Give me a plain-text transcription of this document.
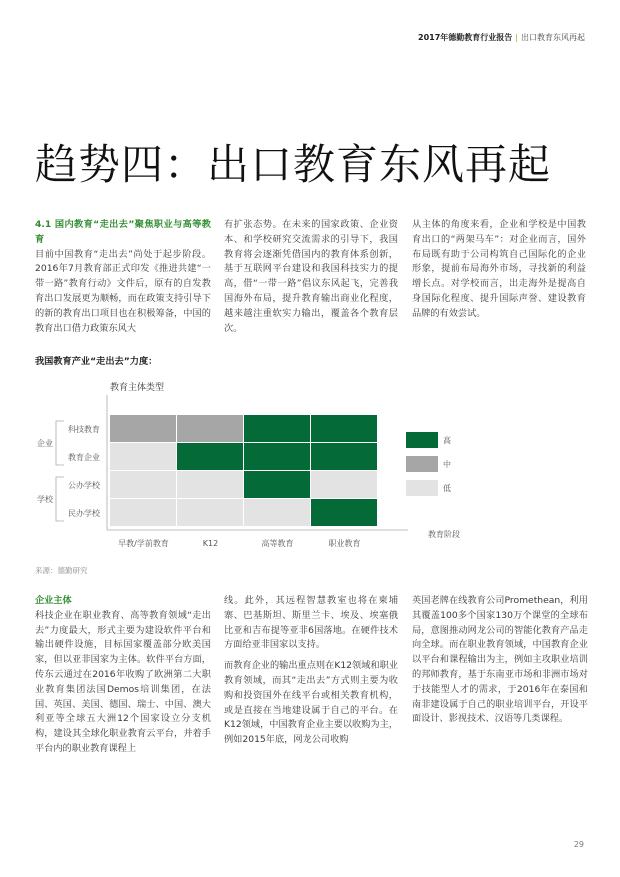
2017年德勤教育行业报告 | 出口教育东风再起
趋势四：出口教育东风再起
4.1 国内教育“走出去”聚焦职业与高等教育
目前中国教育“走出去”尚处于起步阶段。2016年7月教育部正式印发《推进共建“一带一路”教育行动》文件后，原有的自发教育出口发展更为顺畅，而在政策支持引导下的新的教育出口项目也在积极筹备，中国的教育出口借力政策东风大
有扩张态势。在未来的国家政策、企业资本、和学校研究交流需求的引导下，我国教育将会逐渐凭借国内的教育体系创新，基于互联网平台建设和我国科技实力的提高，借“一带一路”倡议东风起飞，完善我国海外布局，提升教育输出商业化程度，越来越注重软实力输出，覆盖各个教育层次。
从主体的角度来看，企业和学校是中国教育出口的“两架马车”：对企业而言，国外布局既有助于公司构筑自己国际化的企业形象，提前布局海外市场，寻找新的利益增长点。对学校而言，出走海外是提高自身国际化程度、提升国际声誉、建设教育品牌的有效尝试。
我国教育产业“走出去”力度：
教育主体类型
科技教育
教育企业
公办学校
民办学校
企业
学校
早教/学前教育	K12	高等教育	职业教育
教育阶段
高
中
低
来源：德勤研究
企业主体
科技企业在职业教育、高等教育领域“走出去”力度最大，形式主要为建设软件平台和输出硬件设施，目标国家覆盖部分欧美国家，但以亚非国家为主体。软件平台方面，传东云通过在2016年收购了欧洲第二大职业教育集团法国Demos培训集团，在法国、英国、美国、德国、瑞士、中国、澳大利亚等全球五大洲12个国家设立分支机构，建设其全球化职业教育云平台，并着手平台内的职业教育课程上

线。此外，其远程智慧教室也将在柬埔寨、巴基斯坦、斯里兰卡、埃及、埃塞俄比亚和吉布提等亚非6国落地。在硬件技术方面给亚非国家以支持。

而教育企业的输出重点则在K12领域和职业教育领域，而其“走出去”方式则主要为收购和投资国外在线平台或相关教育机构，或是直接在当地建设属于自己的平台。在K12领域，中国教育企业主要以收购为主，例如2015年底，网龙公司收购

英国老牌在线教育公司Promethean，利用其覆盖100多个国家130万个课堂的全球布局，意图推动网龙公司的智能化教育产品走向全球。而在职业教育领域，中国教育企业以平台和课程输出为主，例如主攻职业培训的邦师教育，基于东南亚市场和非洲市场对于技能型人才的需求，于2016年在泰国和南非建设属于自己的职业培训平台，开设平面设计、影视技术、汉语等几类课程。
29
